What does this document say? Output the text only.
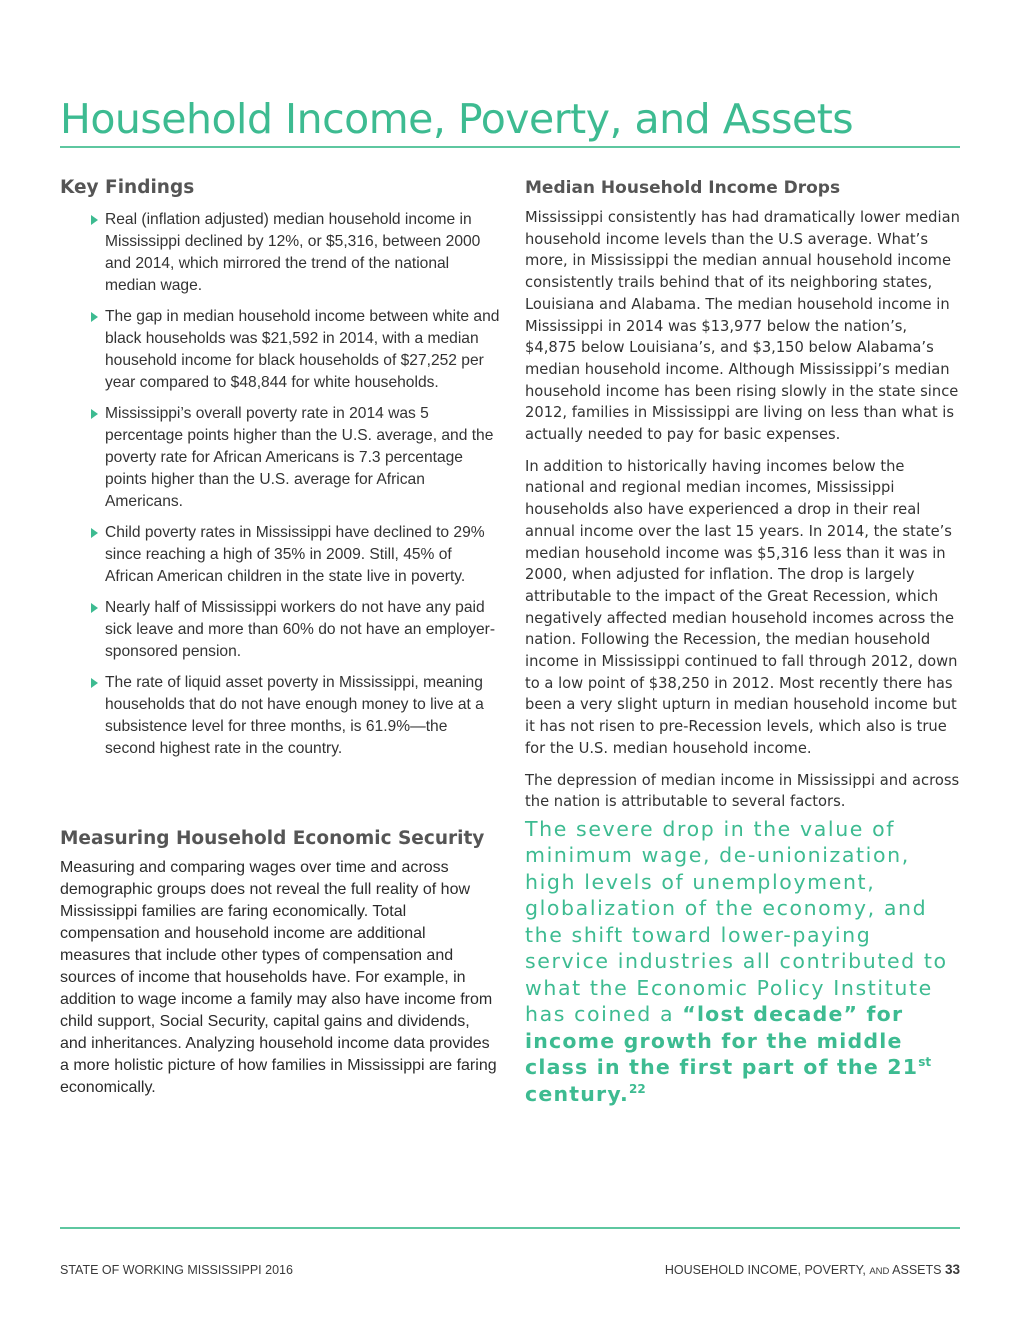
Household Income, Poverty, and Assets
Key Findings
Real (inflation adjusted) median household income in Mississippi declined by 12%, or $5,316, between 2000 and 2014, which mirrored the trend of the national median wage.
The gap in median household income between white and black households was $21,592 in 2014, with a median household income for black households of $27,252 per year compared to $48,844 for white households.
Mississippi’s overall poverty rate in 2014 was 5 percentage points higher than the U.S. average, and the poverty rate for African Americans is 7.3 percentage points higher than the U.S. average for African Americans.
Child poverty rates in Mississippi have declined to 29% since reaching a high of 35% in 2009. Still, 45% of African American children in the state live in poverty.
Nearly half of Mississippi workers do not have any paid sick leave and more than 60% do not have an employer-sponsored pension.
The rate of liquid asset poverty in Mississippi, meaning households that do not have enough money to live at a subsistence level for three months, is 61.9%—the second highest rate in the country.
Measuring Household Economic Security

Measuring and comparing wages over time and across demographic groups does not reveal the full reality of how Mississippi families are faring economically. Total compensation and household income are additional measures that include other types of compensation and sources of income that households have. For example, in addition to wage income a family may also have income from child support, Social Security, capital gains and dividends, and inheritances. Analyzing household income data provides a more holistic picture of how families in Mississippi are faring economically.

Median Household Income Drops

Mississippi consistently has had dramatically lower median household income levels than the U.S average. What’s more, in Mississippi the median annual household income consistently trails behind that of its neighboring states, Louisiana and Alabama. The median household income in Mississippi in 2014 was $13,977 below the nation’s, $4,875 below Louisiana’s, and $3,150 below Alabama’s median household income. Although Mississippi’s median household income has been rising slowly in the state since 2012, families in Mississippi are living on less than what is actually needed to pay for basic expenses.

In addition to historically having incomes below the national and regional median incomes, Mississippi households also have experienced a drop in their real annual income over the last 15 years. In 2014, the state’s median household income was $5,316 less than it was in 2000, when adjusted for inflation. The drop is largely attributable to the impact of the Great Recession, which negatively affected median household incomes across the nation. Following the Recession, the median household income in Mississippi continued to fall through 2012, down to a low point of $38,250 in 2012. Most recently there has been a very slight upturn in median household income but it has not risen to pre-Recession levels, which also is true for the U.S. median household income.

The depression of median income in Mississippi and across the nation is attributable to several factors.

The severe drop in the value of minimum wage, de-unionization, high levels of unemployment, globalization of the economy, and the shift toward lower-paying service industries all contributed to what the Economic Policy Institute has coined a “lost decade” for income growth for the middle class in the first part of the 21st century.$^{22}$
STATE OF WORKING MISSISSIPPI 2016	HOUSEHOLD INCOME, POVERTY, AND ASSETS 33
